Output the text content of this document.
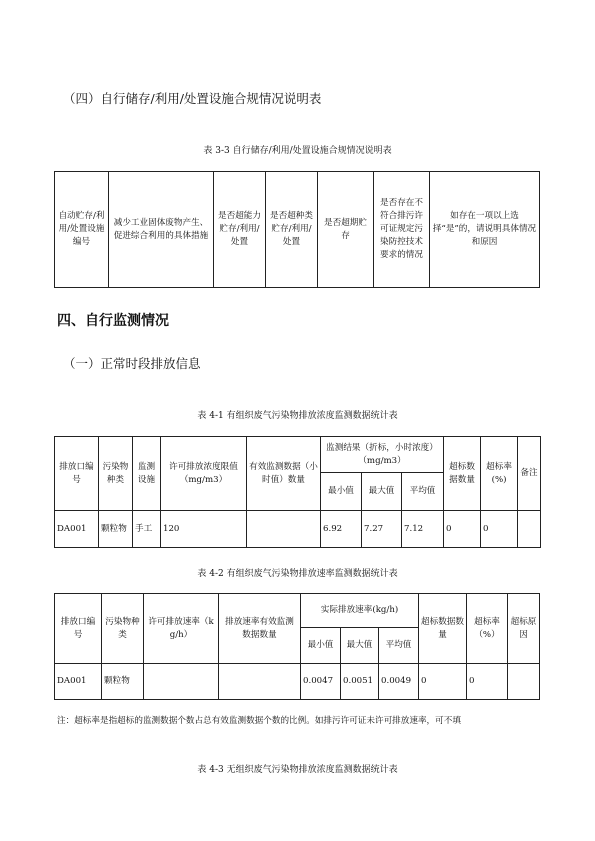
（四）自行储存/利用/处置设施合规情况说明表
表 3-3 自行储存/利用/处置设施合规情况说明表
自动贮存/利用/处置设施编号	减少工业固体废物产生、促进综合利用的具体措施	是否超能力贮存/利用/处置	是否超种类贮存/利用/处置	是否超期贮存	是否存在不符合排污许可证规定污染防控技术要求的情况	如存在一项以上选择“是”的，请说明具体情况和原因
四、自行监测情况
（一）正常时段排放信息
表 4-1 有组织废气污染物排放浓度监测数据统计表
排放口编号	污染物种类	监测设施	许可排放浓度限值（mg/m3）	有效监测数据（小时值）数量	监测结果（折标，小时浓度）（mg/m3）			超标数据数量	超标率(%)	备注
					最小值	最大值	平均值			
DA001	颗粒物	手工	120		6.92	7.27	7.12	0	0	
表 4-2 有组织废气污染物排放速率监测数据统计表
排放口编号	污染物种类	许可排放速率（kg/h）	排放速率有效监测数据数量	实际排放速率(kg/h)			超标数据数量	超标率（%）	超标原因
				最小值	最大值	平均值			
DA001	颗粒物			0.0047	0.0051	0.0049	0	0	
注：超标率是指超标的监测数据个数占总有效监测数据个数的比例。如排污许可证未许可排放速率，可不填
表 4-3 无组织废气污染物排放浓度监测数据统计表
